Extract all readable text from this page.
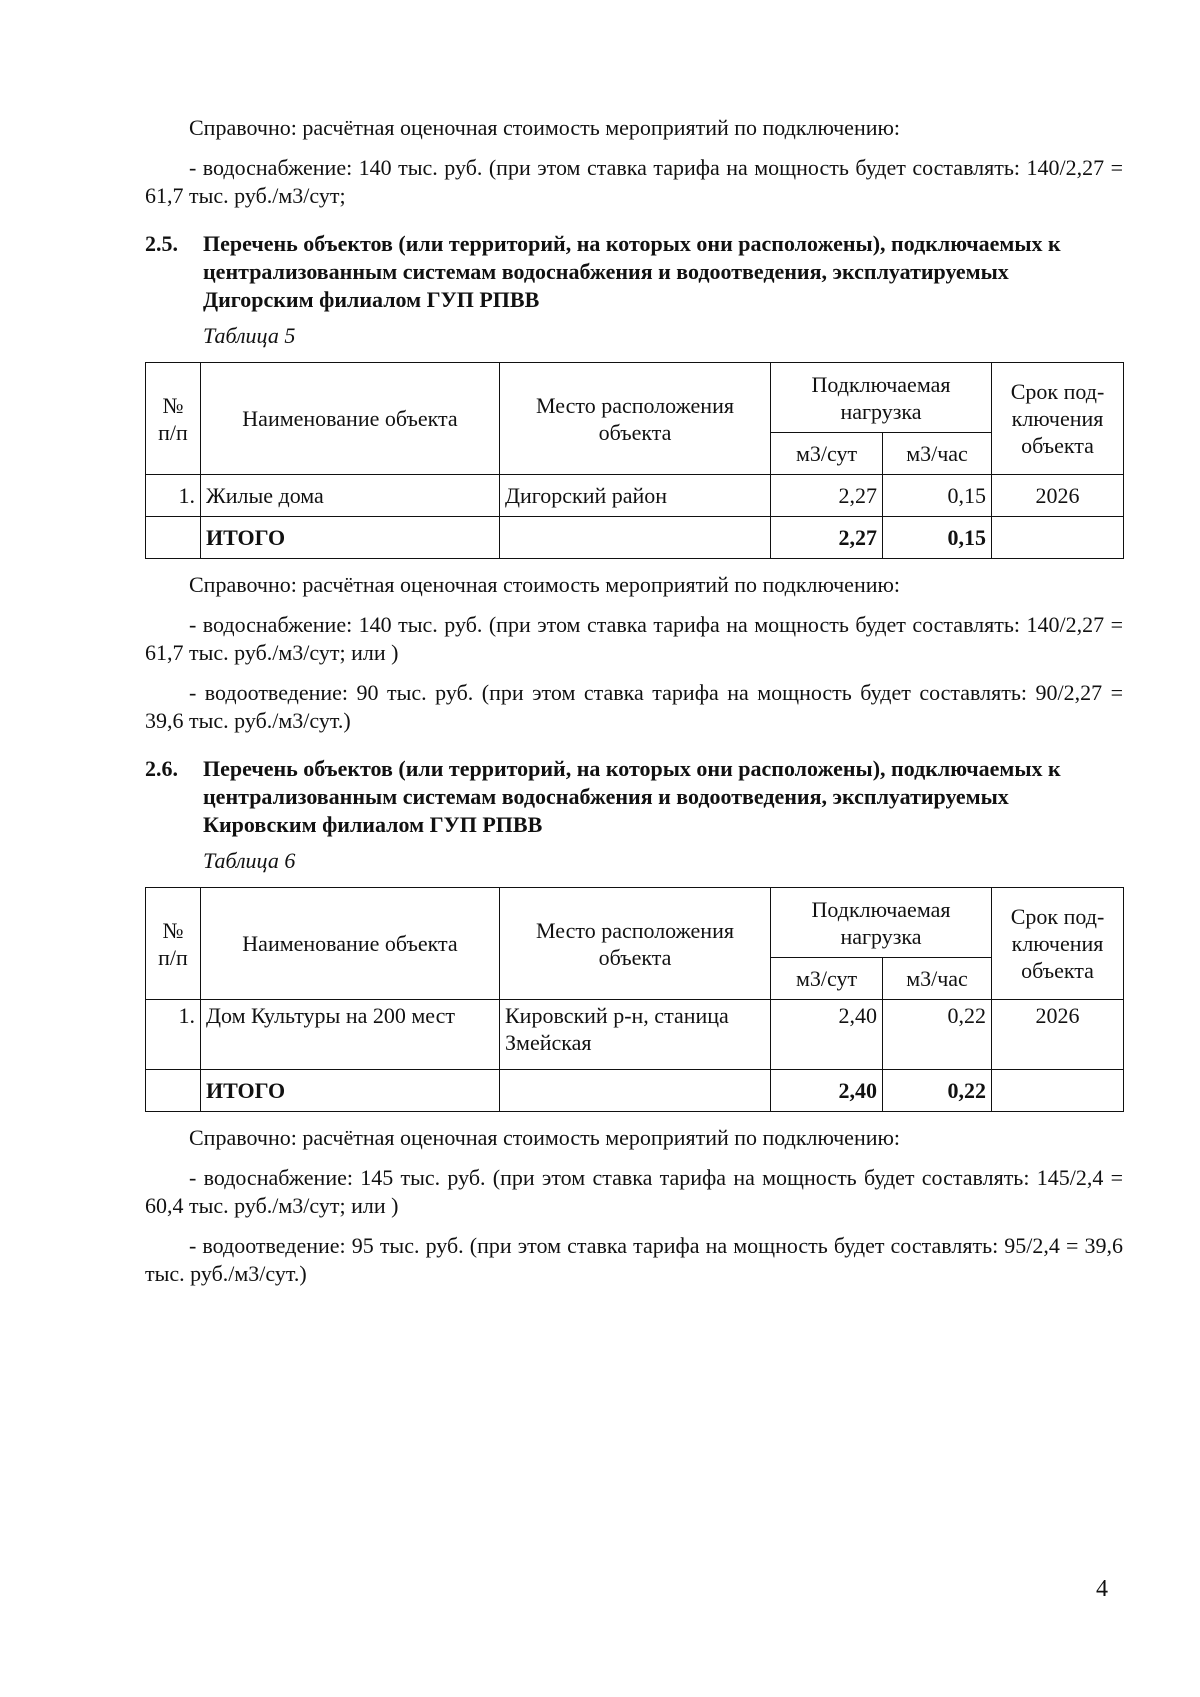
Справочно: расчётная оценочная стоимость мероприятий по подключению:

- водоснабжение: 140 тыс. руб. (при этом ставка тарифа на мощность будет составлять: 140/2,27 = 61,7 тыс. руб./м3/сут;

2.5.	Перечень объектов (или территорий, на которых они расположены), подключаемых к централизованным системам водоснабжения и водоотведения, эксплуатируемых Дигорским филиалом ГУП РПВВ

Таблица 5

№ п/п	Наименование объекта	Место расположения объекта	Подключаемая нагрузка		Срок под-ключения объекта
			м3/сут	м3/час	
1.	Жилые дома	Дигорский район	2,27	0,15	2026
	ИТОГО		2,27	0,15	

Справочно: расчётная оценочная стоимость мероприятий по подключению:

- водоснабжение: 140 тыс. руб. (при этом ставка тарифа на мощность будет составлять: 140/2,27 = 61,7 тыс. руб./м3/сут; или )

- водоотведение: 90 тыс. руб. (при этом ставка тарифа на мощность будет составлять: 90/2,27 = 39,6 тыс. руб./м3/сут.)

2.6.	Перечень объектов (или территорий, на которых они расположены), подключаемых к централизованным системам водоснабжения и водоотведения, эксплуатируемых Кировским филиалом ГУП РПВВ

Таблица 6

№ п/п	Наименование объекта	Место расположения объекта	Подключаемая нагрузка		Срок под-ключения объекта
			м3/сут	м3/час	
1.	Дом Культуры на 200 мест	Кировский р-н, станица Змейская	2,40	0,22	2026
	ИТОГО		2,40	0,22	

Справочно: расчётная оценочная стоимость мероприятий по подключению:

- водоснабжение: 145 тыс. руб. (при этом ставка тарифа на мощность будет составлять: 145/2,4 = 60,4 тыс. руб./м3/сут; или )

- водоотведение: 95 тыс. руб. (при этом ставка тарифа на мощность будет составлять: 95/2,4 = 39,6 тыс. руб./м3/сут.)

4
